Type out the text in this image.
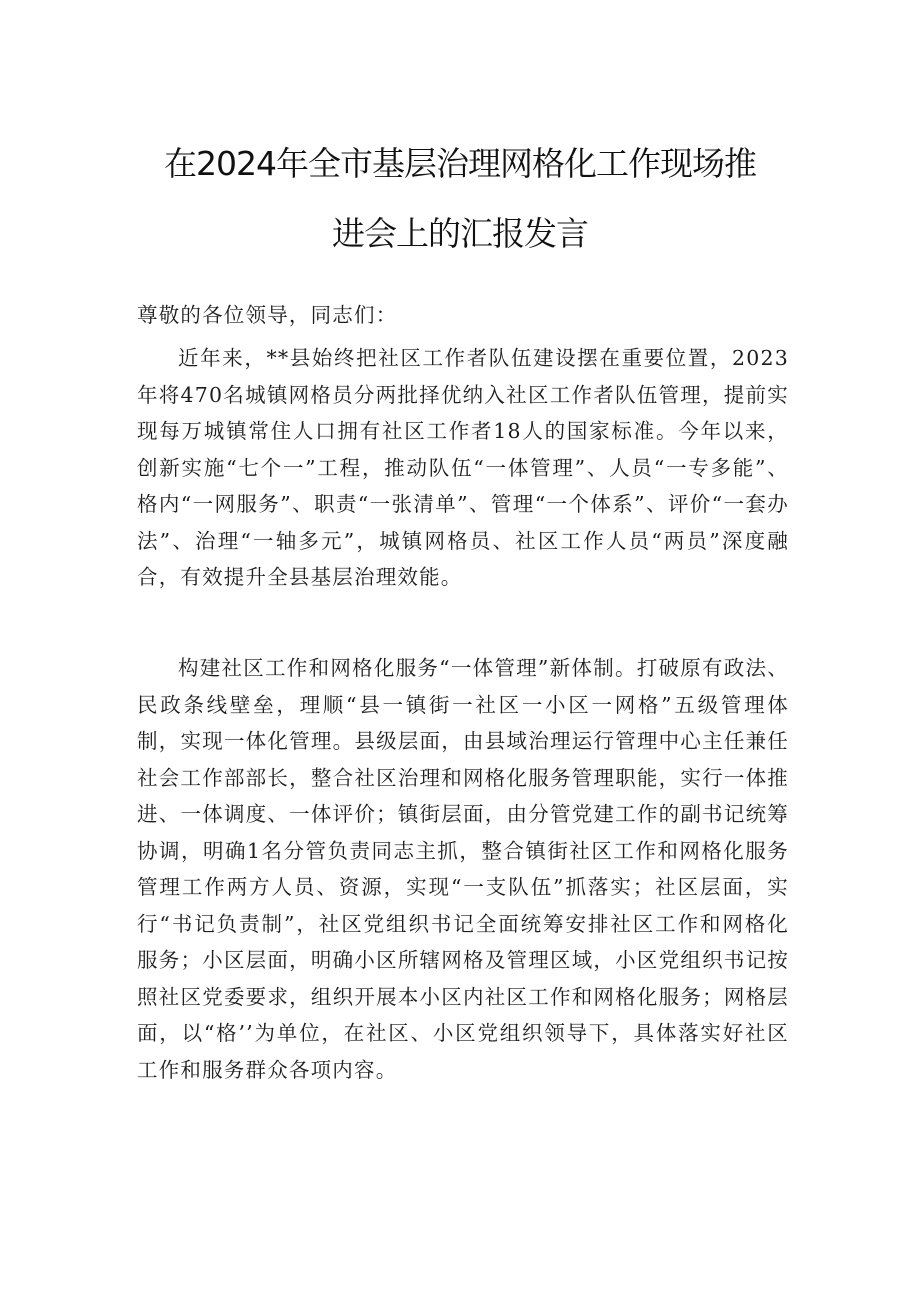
在2024年全市基层治理网格化工作现场推
进会上的汇报发言

尊敬的各位领导，同志们：

近年来，**县始终把社区工作者队伍建设摆在重要位置，2023年将470名城镇网格员分两批择优纳入社区工作者队伍管理，提前实现每万城镇常住人口拥有社区工作者18人的国家标准。今年以来，创新实施“七个一”工程，推动队伍“一体管理”、人员“一专多能”、格内“一网服务”、职责“一张清单”、管理“一个体系”、评价“一套办法”、治理“一轴多元”，城镇网格员、社区工作人员“两员”深度融合，有效提升全县基层治理效能。

构建社区工作和网格化服务“一体管理”新体制。打破原有政法、民政条线壁垒，理顺“县一镇街一社区一小区一网格”五级管理体制，实现一体化管理。县级层面，由县域治理运行管理中心主任兼任社会工作部部长，整合社区治理和网格化服务管理职能，实行一体推进、一体调度、一体评价；镇街层面，由分管党建工作的副书记统筹协调，明确1名分管负责同志主抓，整合镇街社区工作和网格化服务管理工作两方人员、资源，实现“一支队伍”抓落实；社区层面，实行“书记负责制”，社区党组织书记全面统筹安排社区工作和网格化服务；小区层面，明确小区所辖网格及管理区域，小区党组织书记按照社区党委要求，组织开展本小区内社区工作和网格化服务；网格层面，以“格’’为单位，在社区、小区党组织领导下，具体落实好社区工作和服务群众各项内容。
